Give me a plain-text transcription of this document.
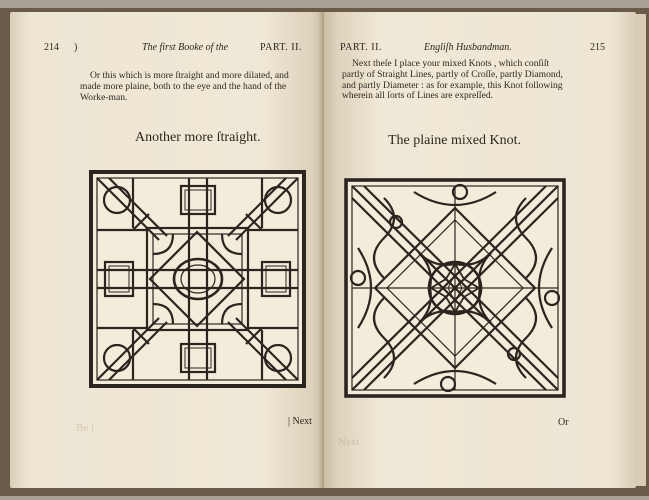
214 )	The first Booke of the	PART. II.
Or this which is more ſtraight and more dilated, and
made more plaine, both to the eye and the hand of the
Worke-man.
Another more ſtraight.
Be ſ
| Next
PART. II.	Engliſh Husbandman.	215
Next theſe I place your mixed Knots , which conſiſt
partly of Straight Lines, partly of Croſſe, partly Diamond,
and partly Diameter : as for example, this Knot following
wherein all ſorts of Lines are expreſſed.
The plaine mixed Knot.
Next
Or
